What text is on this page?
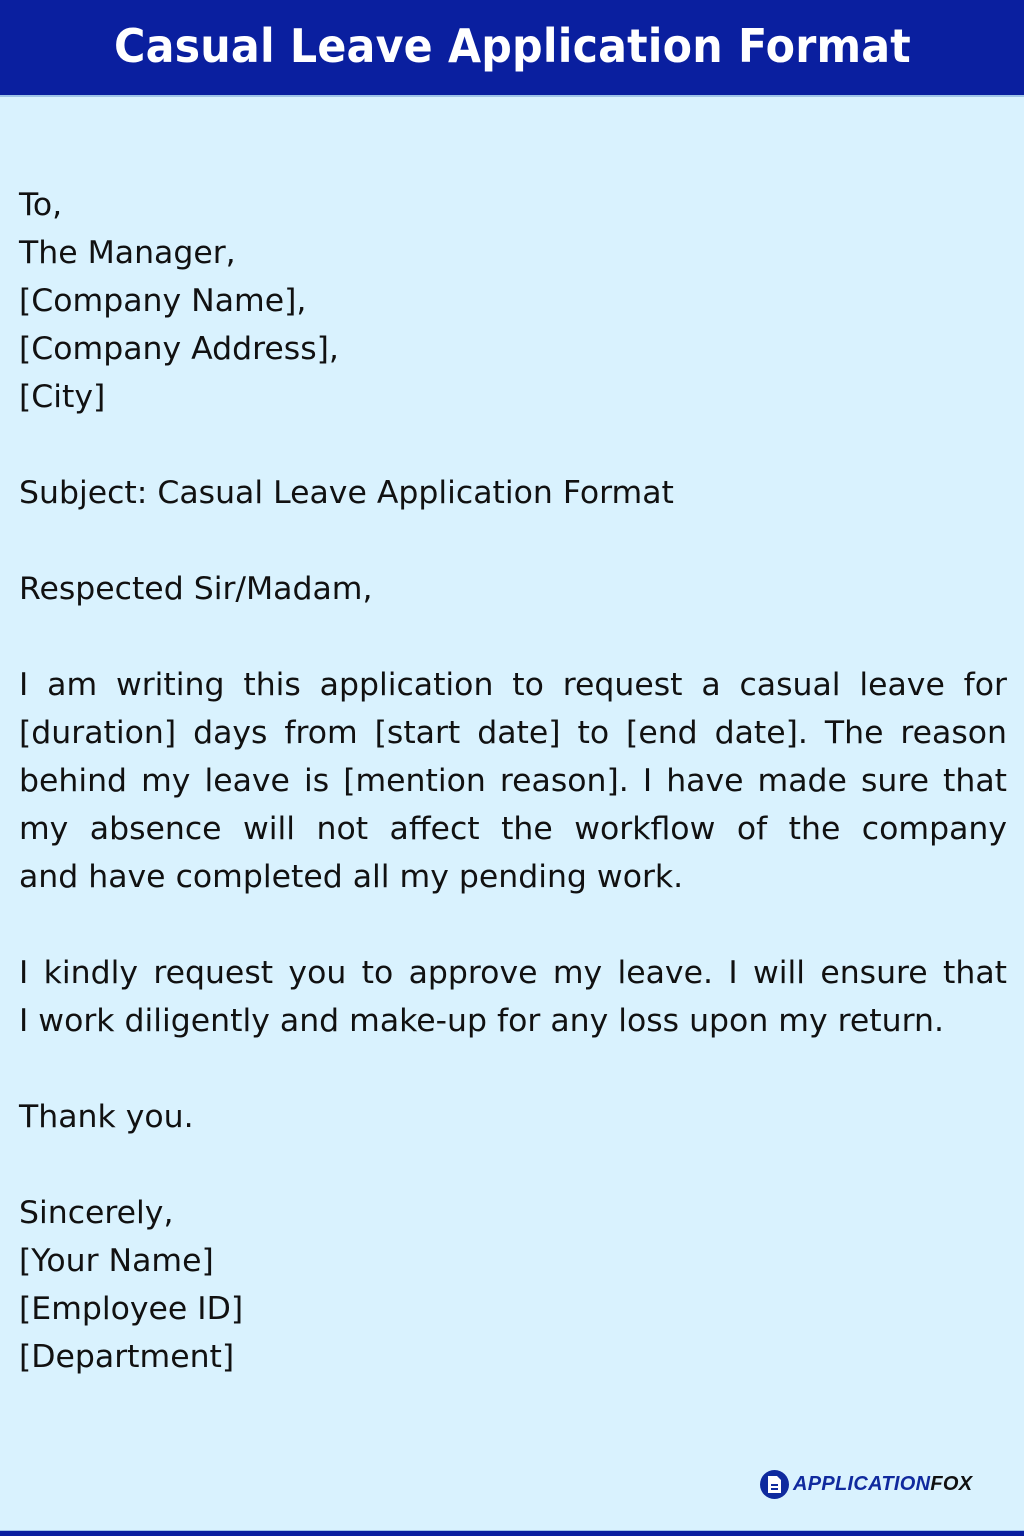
Casual Leave Application Format
To,
The Manager,
[Company Name],
[Company Address],
[City]
Subject: Casual Leave Application Format
Respected Sir/Madam,
I am writing this application to request a casual leave for
[duration] days from [start date] to [end date]. The reason
behind my leave is [mention reason]. I have made sure that
my absence will not affect the workflow of the company
and have completed all my pending work.
I kindly request you to approve my leave. I will ensure that
I work diligently and make-up for any loss upon my return.
Thank you.
Sincerely,
[Your Name]
[Employee ID]
[Department]
APPLICATIONFOX
